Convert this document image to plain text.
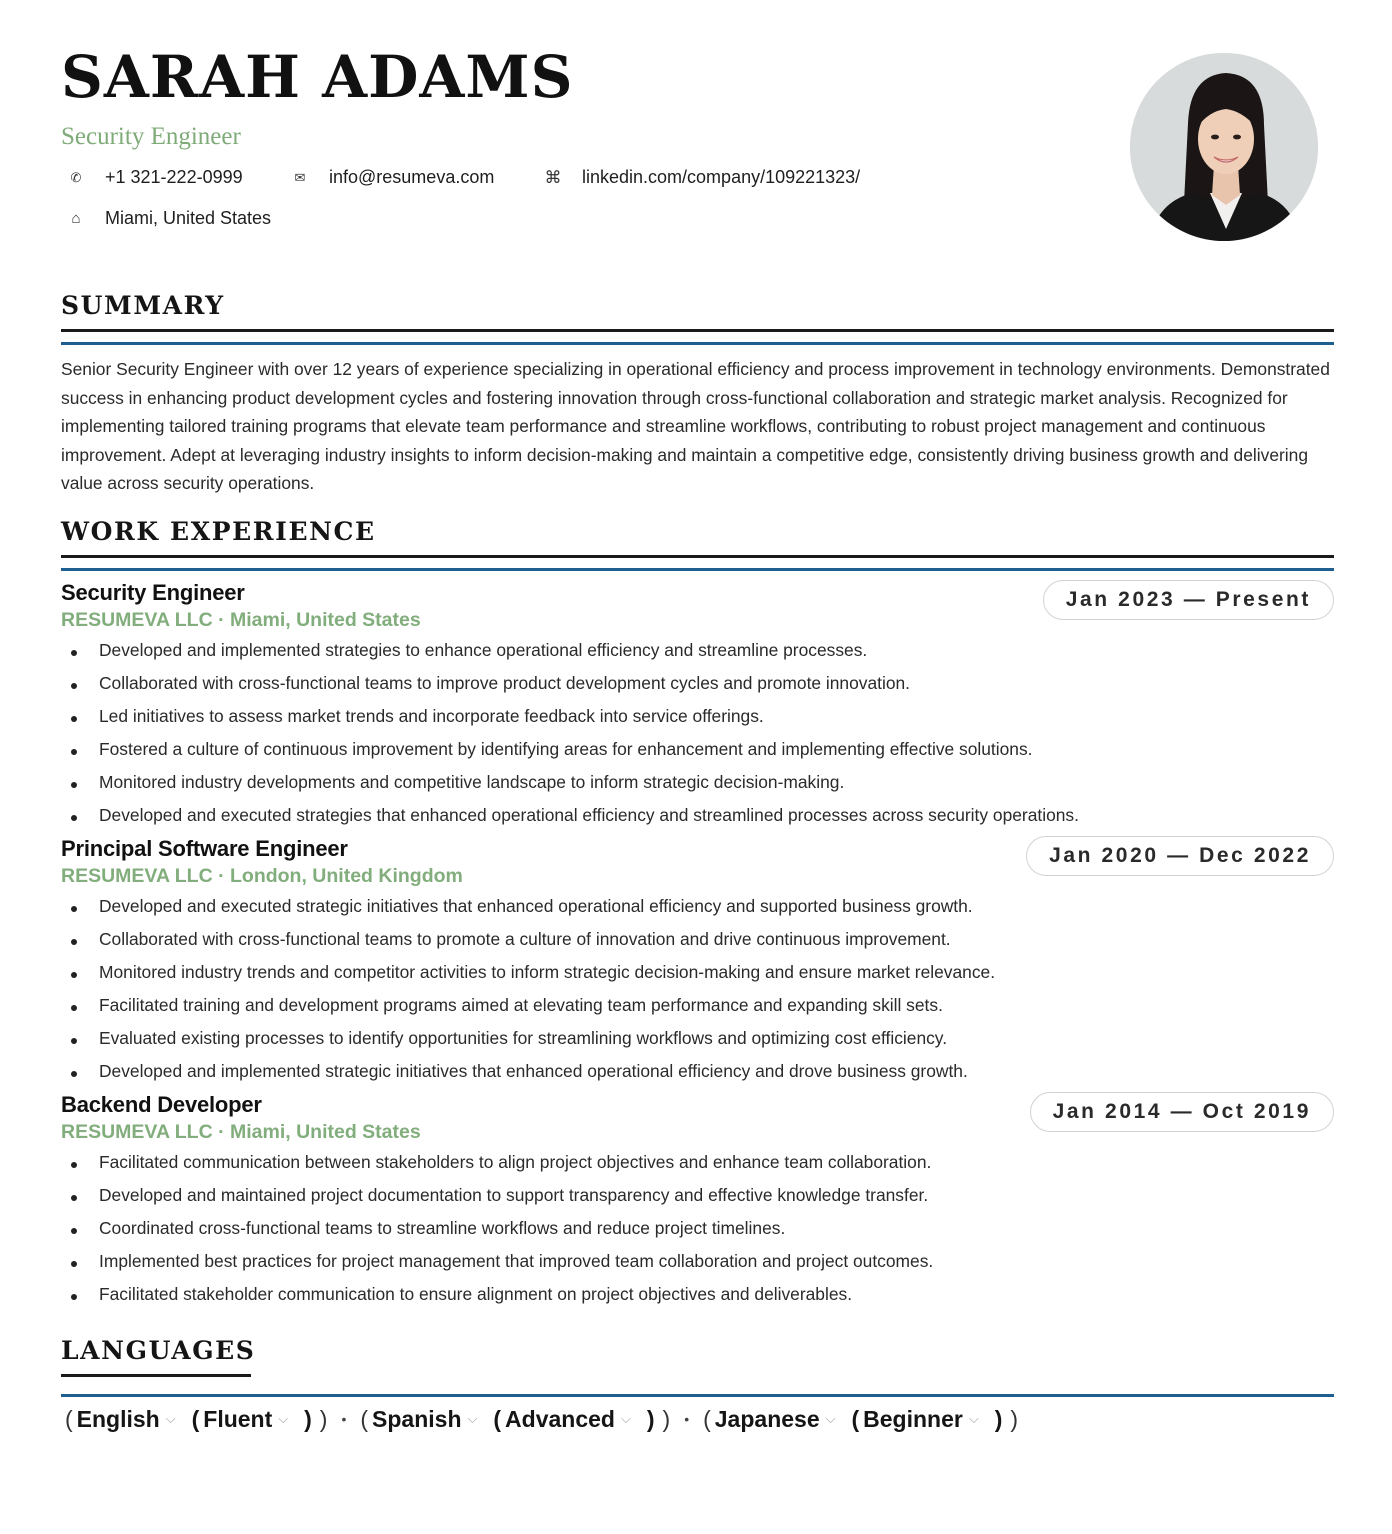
SARAH ADAMS
Security Engineer
✆	+1 321-222-0999	✉	info@resumeva.com	⌘	linkedin.com/company/109221323/
⌂	Miami, United States
SUMMARY
Senior Security Engineer with over 12 years of experience specializing in operational efficiency and process improvement in technology environments. Demonstrated success in enhancing product development cycles and fostering innovation through cross-functional collaboration and strategic market analysis. Recognized for implementing tailored training programs that elevate team performance and streamline workflows, contributing to robust project management and continuous improvement. Adept at leveraging industry insights to inform decision-making and maintain a competitive edge, consistently driving business growth and delivering value across security operations.
WORK EXPERIENCE
Security Engineer
RESUMEVA LLC · Miami, United States
Jan 2023 — Present
Developed and implemented strategies to enhance operational efficiency and streamline processes.
Collaborated with cross-functional teams to improve product development cycles and promote innovation.
Led initiatives to assess market trends and incorporate feedback into service offerings.
Fostered a culture of continuous improvement by identifying areas for enhancement and implementing effective solutions.
Monitored industry developments and competitive landscape to inform strategic decision-making.
Developed and executed strategies that enhanced operational efficiency and streamlined processes across security operations.
Principal Software Engineer
RESUMEVA LLC · London, United Kingdom
Jan 2020 — Dec 2022
Developed and executed strategic initiatives that enhanced operational efficiency and supported business growth.
Collaborated with cross-functional teams to promote a culture of innovation and drive continuous improvement.
Monitored industry trends and competitor activities to inform strategic decision-making and ensure market relevance.
Facilitated training and development programs aimed at elevating team performance and expanding skill sets.
Evaluated existing processes to identify opportunities for streamlining workflows and optimizing cost efficiency.
Developed and implemented strategic initiatives that enhanced operational efficiency and drove business growth.
Backend Developer
RESUMEVA LLC · Miami, United States
Jan 2014 — Oct 2019
Facilitated communication between stakeholders to align project objectives and enhance team collaboration.
Developed and maintained project documentation to support transparency and effective knowledge transfer.
Coordinated cross-functional teams to streamline workflows and reduce project timelines.
Implemented best practices for project management that improved team collaboration and project outcomes.
Facilitated stakeholder communication to ensure alignment on project objectives and deliverables.
LANGUAGES
( English ⌵ ( Fluent ⌵ ) ) • ( Spanish ⌵ ( Advanced ⌵ ) ) • ( Japanese ⌵ ( Beginner ⌵ ) )
